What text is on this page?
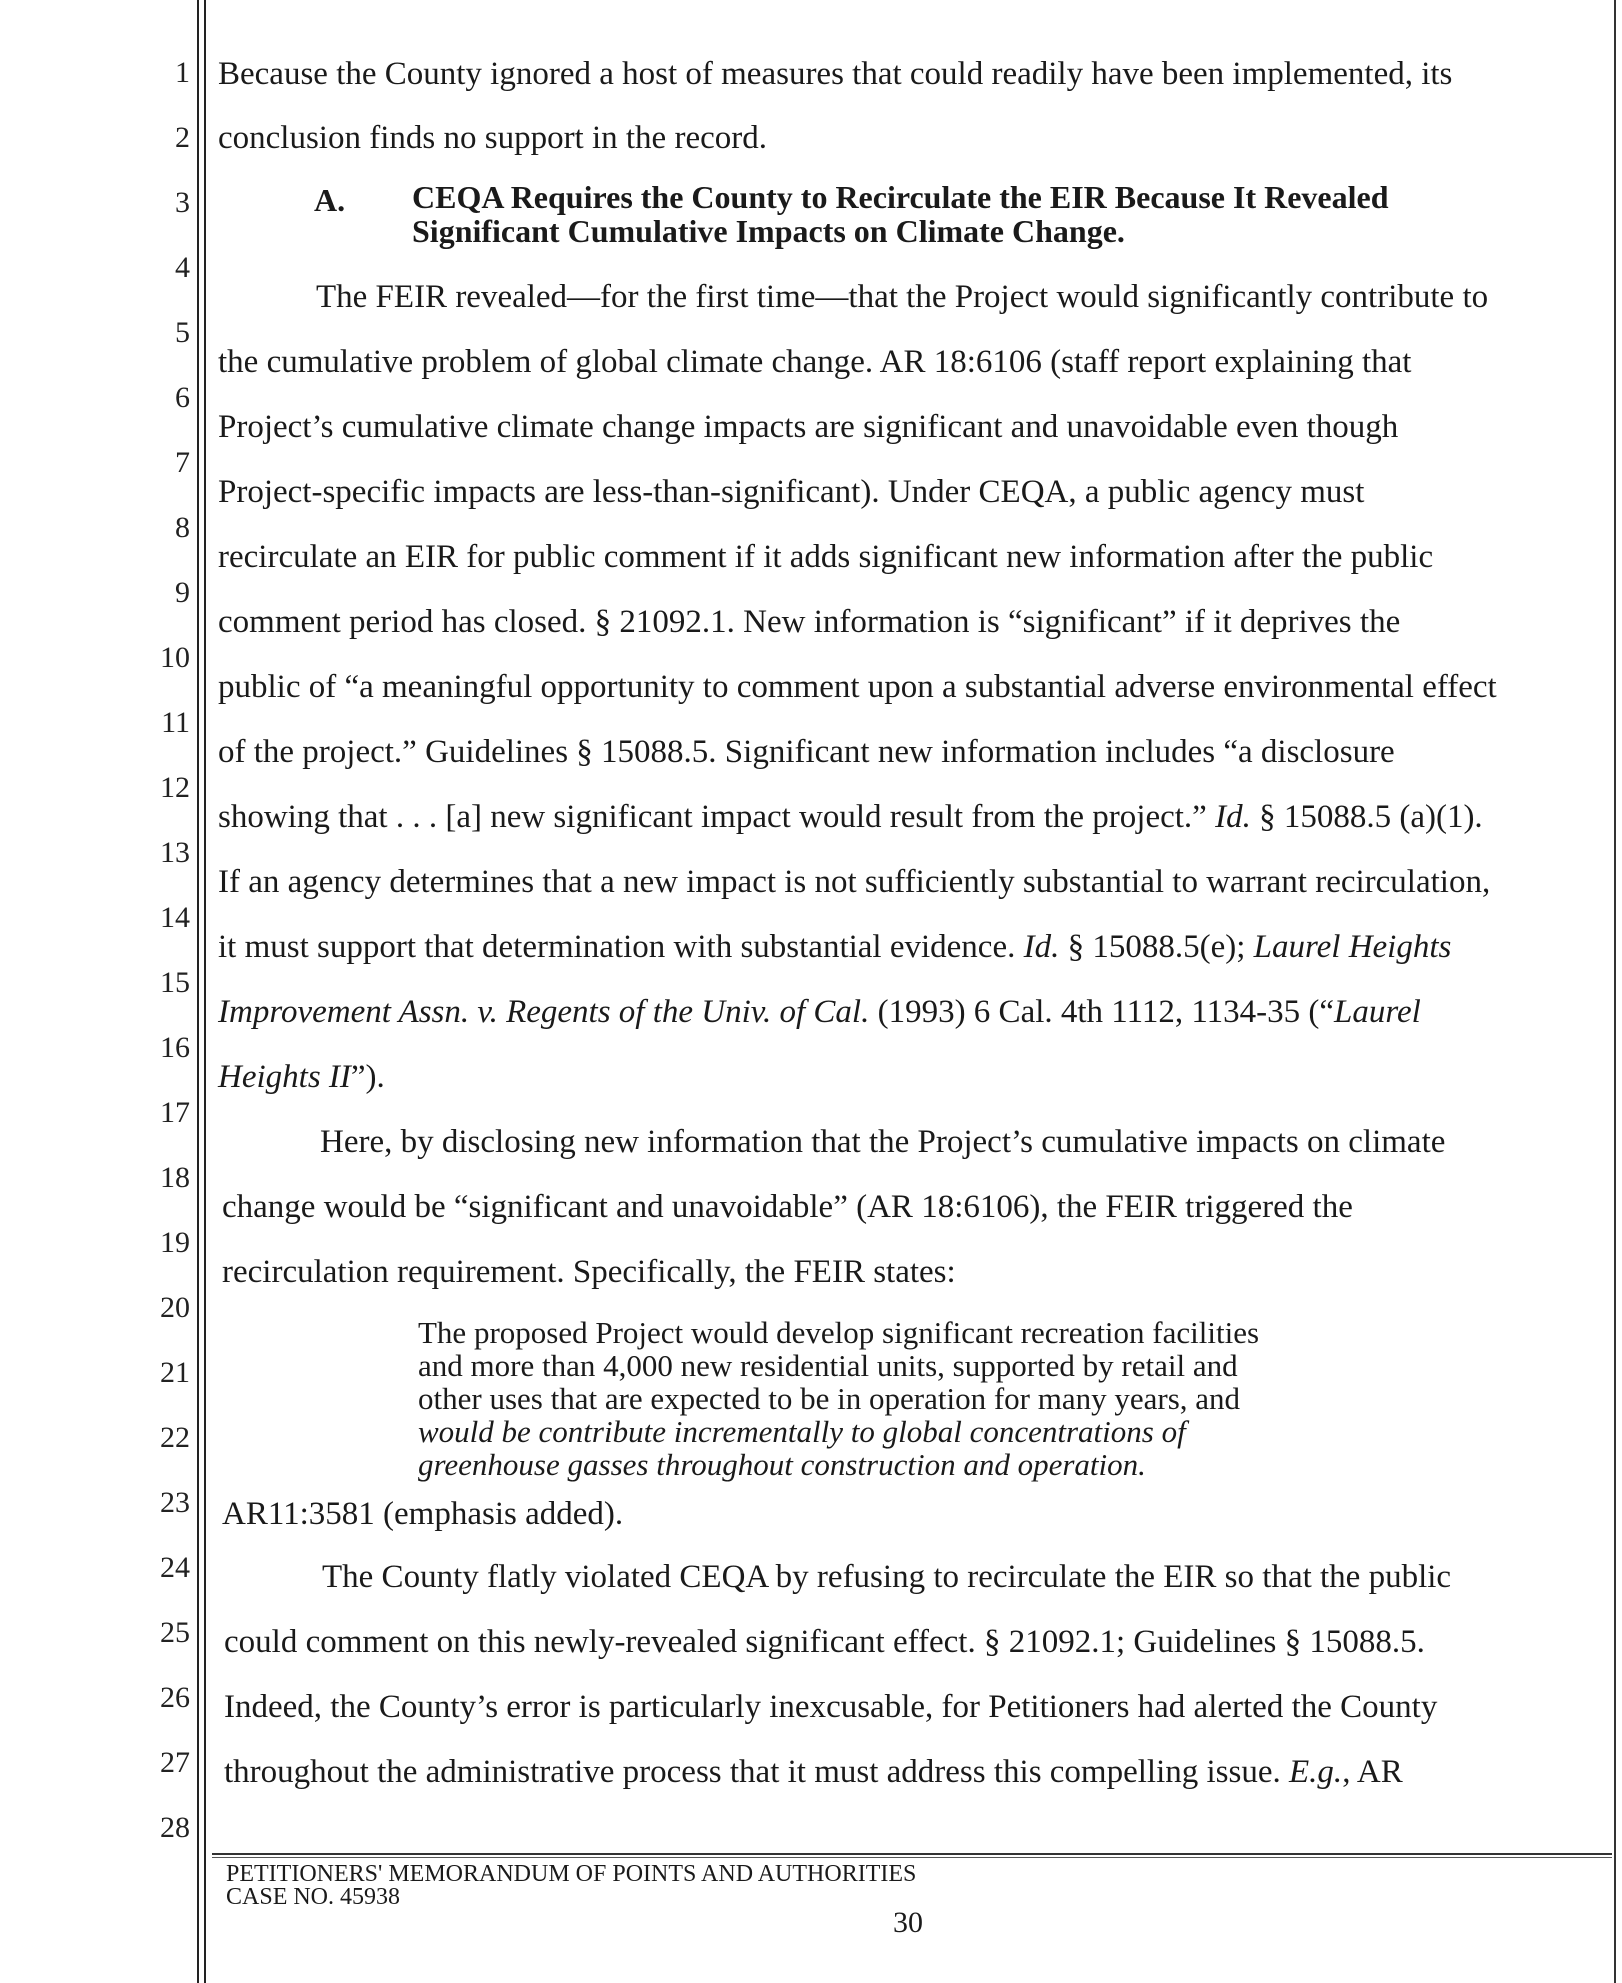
1
2
3
4
5
6
7
8
9
10
11
12
13
14
15
16
17
18
19
20
21
22
23
24
25
26
27
28
Because the County ignored a host of measures that could readily have been implemented, its
conclusion finds no support in the record.
A. CEQA Requires the County to Recirculate the EIR Because It Revealed
Significant Cumulative Impacts on Climate Change.
The FEIR revealed—for the first time—that the Project would significantly contribute to
the cumulative problem of global climate change. AR 18:6106 (staff report explaining that
Project’s cumulative climate change impacts are significant and unavoidable even though
Project-specific impacts are less-than-significant). Under CEQA, a public agency must
recirculate an EIR for public comment if it adds significant new information after the public
comment period has closed. § 21092.1. New information is “significant” if it deprives the
public of “a meaningful opportunity to comment upon a substantial adverse environmental effect
of the project.” Guidelines § 15088.5. Significant new information includes “a disclosure
showing that . . . [a] new significant impact would result from the project.” Id. § 15088.5 (a)(1).
If an agency determines that a new impact is not sufficiently substantial to warrant recirculation,
it must support that determination with substantial evidence. Id. § 15088.5(e); Laurel Heights
Improvement Assn. v. Regents of the Univ. of Cal. (1993) 6 Cal. 4th 1112, 1134-35 (“Laurel
Heights II”).
Here, by disclosing new information that the Project’s cumulative impacts on climate
change would be “significant and unavoidable” (AR 18:6106), the FEIR triggered the
recirculation requirement. Specifically, the FEIR states:
The proposed Project would develop significant recreation facilities
and more than 4,000 new residential units, supported by retail and
other uses that are expected to be in operation for many years, and
would be contribute incrementally to global concentrations of
greenhouse gasses throughout construction and operation.
AR11:3581 (emphasis added).
The County flatly violated CEQA by refusing to recirculate the EIR so that the public
could comment on this newly-revealed significant effect. § 21092.1; Guidelines § 15088.5.
Indeed, the County’s error is particularly inexcusable, for Petitioners had alerted the County
throughout the administrative process that it must address this compelling issue. E.g., AR
PETITIONERS' MEMORANDUM OF POINTS AND AUTHORITIES
CASE NO. 45938
30
